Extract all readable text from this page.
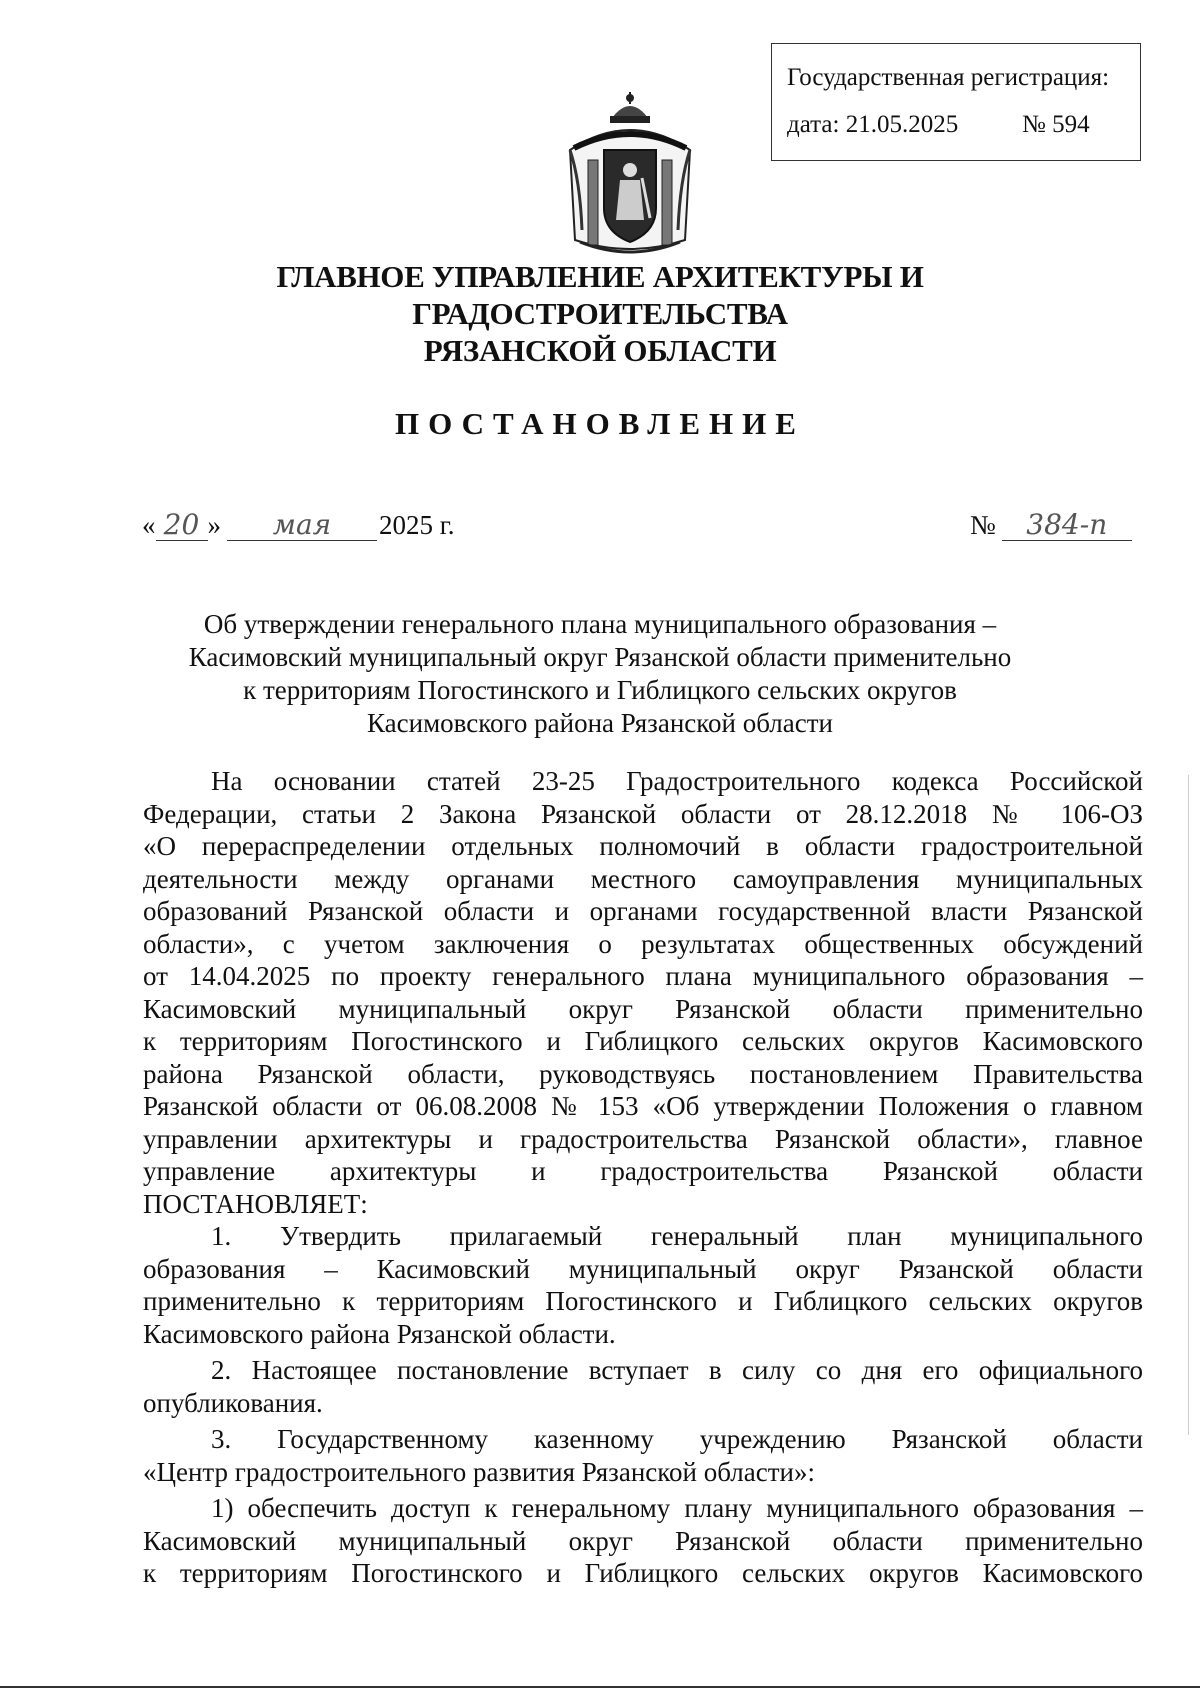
Государственная регистрация:
дата: 21.05.2025	№ 594
ГЛАВНОЕ УПРАВЛЕНИЕ АРХИТЕКТУРЫ И ГРАДОСТРОИТЕЛЬСТВА
РЯЗАНСКОЙ ОБЛАСТИ
ПОСТАНОВЛЕНИЕ
« 20 » мая 2025 г.	№ 384-п
Об утверждении генерального плана муниципального образования –
Касимовский муниципальный округ Рязанской области применительно
к территориям Погостинского и Гиблицкого сельских округов
Касимовского района Рязанской области
На основании статей 23-25 Градостроительного кодекса Российской
Федерации, статьи 2 Закона Рязанской области от 28.12.2018 № 106-ОЗ
«О перераспределении отдельных полномочий в области градостроительной
деятельности между органами местного самоуправления муниципальных
образований Рязанской области и органами государственной власти Рязанской
области», с учетом заключения о результатах общественных обсуждений
от 14.04.2025 по проекту генерального плана муниципального образования –
Касимовский муниципальный округ Рязанской области применительно
к территориям Погостинского и Гиблицкого сельских округов Касимовского
района Рязанской области, руководствуясь постановлением Правительства
Рязанской области от 06.08.2008 № 153 «Об утверждении Положения о главном
управлении архитектуры и градостроительства Рязанской области», главное
управление архитектуры и градостроительства Рязанской области
ПОСТАНОВЛЯЕТ:
1. Утвердить прилагаемый генеральный план муниципального
образования – Касимовский муниципальный округ Рязанской области
применительно к территориям Погостинского и Гиблицкого сельских округов
Касимовского района Рязанской области.
2. Настоящее постановление вступает в силу со дня его официального
опубликования.
3. Государственному казенному учреждению Рязанской области
«Центр градостроительного развития Рязанской области»:
1) обеспечить доступ к генеральному плану муниципального образования –
Касимовский муниципальный округ Рязанской области применительно
к территориям Погостинского и Гиблицкого сельских округов Касимовского
